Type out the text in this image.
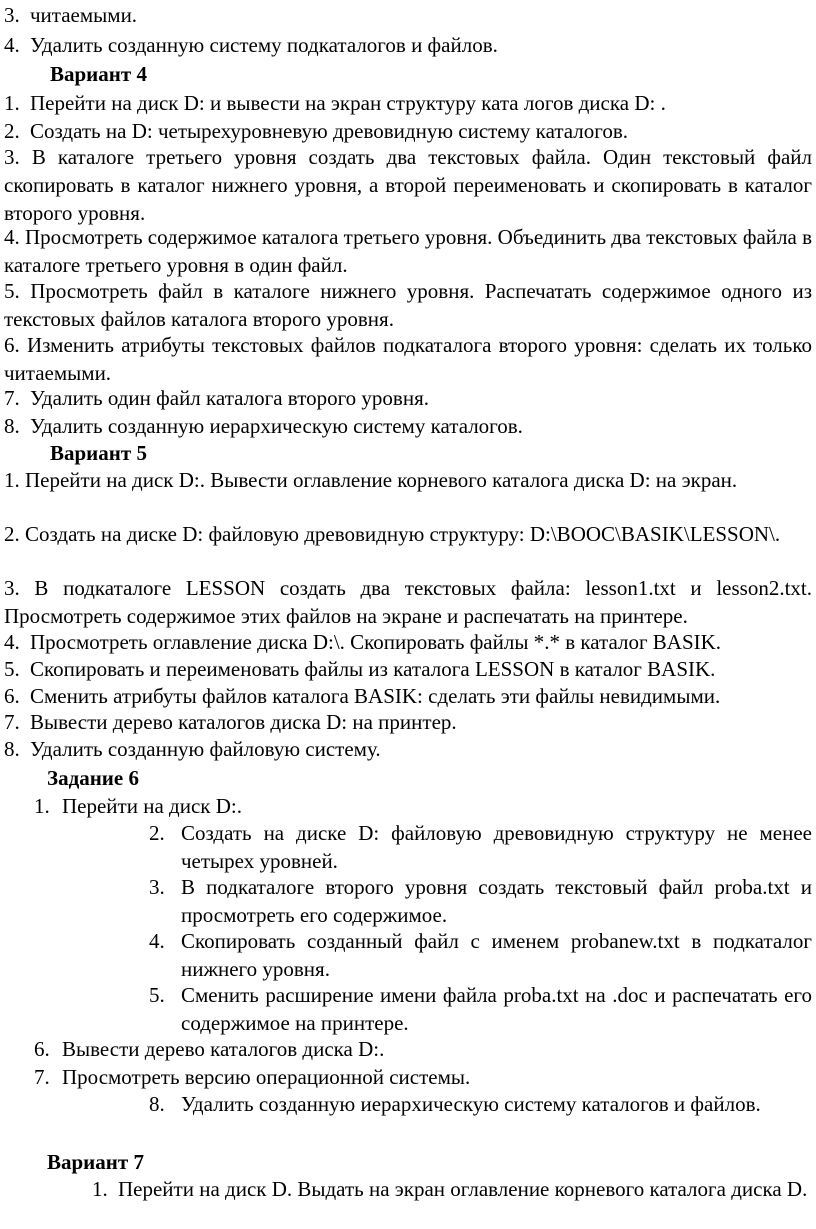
3. читаемыми.
4. Удалить созданную систему подкаталогов и файлов.
Вариант 4
1. Перейти на диск D: и вывести на экран структуру ката логов диска D: .
2. Создать на D: четырехуровневую древовидную систему каталогов.
3. В каталоге третьего уровня создать два текстовых файла. Один текстовый файл скопировать в каталог нижнего уровня, а второй переименовать и скопировать в каталог второго уровня.
4. Просмотреть содержимое каталога третьего уровня. Объединить два текстовых файла в каталоге третьего уровня в один файл.
5. Просмотреть файл в каталоге нижнего уровня. Распечатать содержимое одного из текстовых файлов каталога второго уровня.
6. Изменить атрибуты текстовых файлов подкаталога второго уровня: сделать их только читаемыми.
7. Удалить один файл каталога второго уровня.
8. Удалить созданную иерархическую систему каталогов.
Вариант 5
1. Перейти на диск D:. Вывести оглавление корневого каталога диска D: на экран.
2. Создать на диске D: файловую древовидную структуру: D:\BOOC\BASIK\LESSON\.
3. В подкаталоге LESSON создать два текстовых файла: lesson1.txt и lesson2.txt. Просмотреть содержимое этих файлов на экране и распечатать на принтере.
4. Просмотреть оглавление диска D:\. Скопировать файлы *.* в каталог BASIK.
5. Скопировать и переименовать файлы из каталога LESSON в каталог BASIK.
6. Сменить атрибуты файлов каталога BASIK: сделать эти файлы невидимыми.
7. Вывести дерево каталогов диска D: на принтер.
8. Удалить созданную файловую систему.
Задание 6
1. Перейти на диск D:.
2. Создать на диске D: файловую древовидную структуру не менее четырех уровней.
3. В подкаталоге второго уровня создать текстовый файл proba.txt и просмотреть его содержимое.
4. Скопировать созданный файл с именем probanew.txt в подкаталог нижнего уровня.
5. Сменить расширение имени файла proba.txt на .doc и распечатать его содержимое на принтере.
6. Вывести дерево каталогов диска D:.
7. Просмотреть версию операционной системы.
8. Удалить созданную иерархическую систему каталогов и файлов.
Вариант 7
1. Перейти на диск D. Выдать на экран оглавление корневого каталога диска D.
